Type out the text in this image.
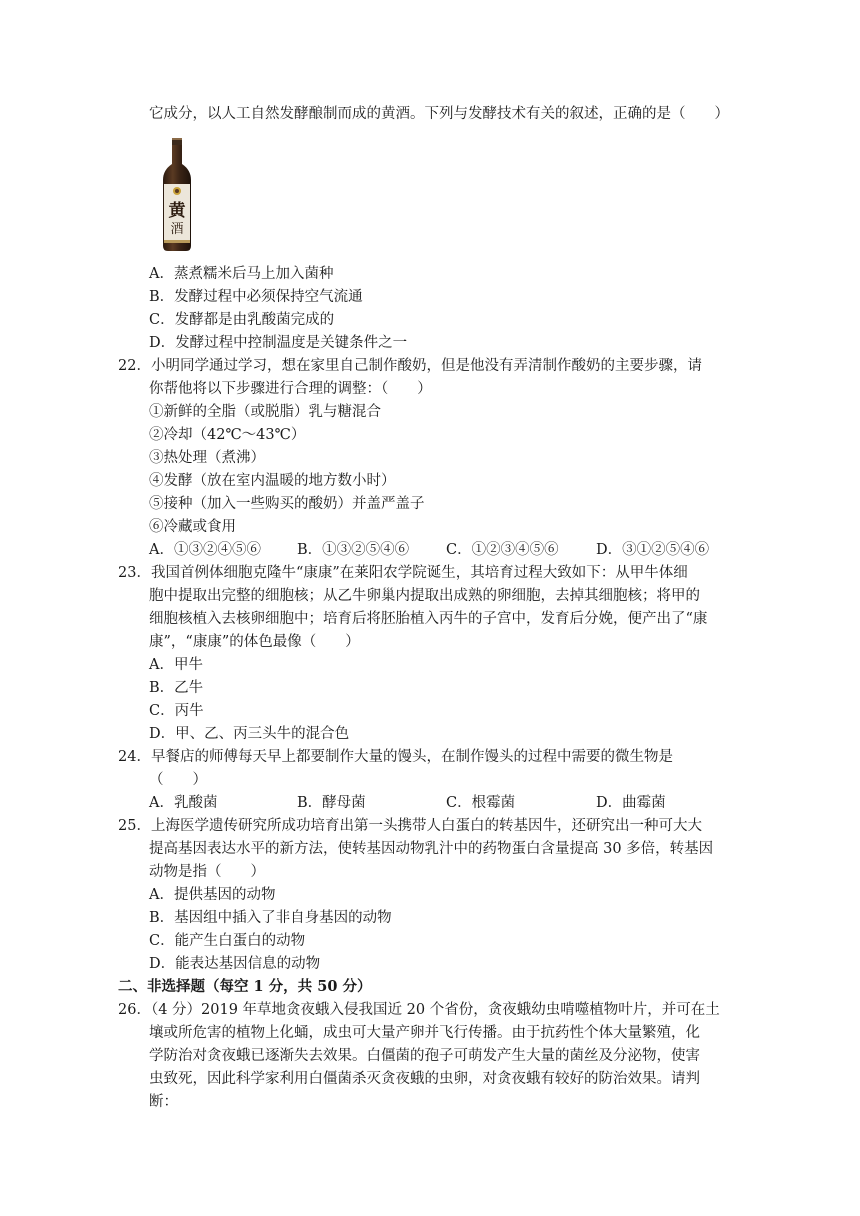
它成分，以人工自然发酵酿制而成的黄酒。下列与发酵技术有关的叙述，正确的是（　　）
黄
酒
A．蒸煮糯米后马上加入菌种
B．发酵过程中必须保持空气流通
C．发酵都是由乳酸菌完成的
D．发酵过程中控制温度是关键条件之一
22．小明同学通过学习，想在家里自己制作酸奶，但是他没有弄清制作酸奶的主要步骤，请
你帮他将以下步骤进行合理的调整：（　　）
①新鲜的全脂（或脱脂）乳与糖混合
②冷却（42℃～43℃）
③热处理（煮沸）
④发酵（放在室内温暖的地方数小时）
⑤接种（加入一些购买的酸奶）并盖严盖子
⑥冷藏或食用
A．①③②④⑤⑥ B．①③②⑤④⑥	C．①②③④⑤⑥	D．③①②⑤④⑥
23．我国首例体细胞克隆牛“康康”在莱阳农学院诞生，其培育过程大致如下：从甲牛体细
胞中提取出完整的细胞核；从乙牛卵巢内提取出成熟的卵细胞，去掉其细胞核；将甲的
细胞核植入去核卵细胞中；培育后将胚胎植入丙牛的子宫中，发育后分娩，便产出了“康
康”，“康康”的体色最像（　　）
A．甲牛
B．乙牛
C．丙牛
D．甲、乙、丙三头牛的混合色
24．早餐店的师傅每天早上都要制作大量的馒头，在制作馒头的过程中需要的微生物是
（　　）
A．乳酸菌	B．酵母菌	C．根霉菌	D．曲霉菌
25．上海医学遗传研究所成功培育出第一头携带人白蛋白的转基因牛，还研究出一种可大大
提高基因表达水平的新方法，使转基因动物乳汁中的药物蛋白含量提高 30 多倍，转基因
动物是指（　　）
A．提供基因的动物
B．基因组中插入了非自身基因的动物
C．能产生白蛋白的动物
D．能表达基因信息的动物
二、非选择题（每空 1 分，共 50 分）
26．（4 分）2019 年草地贪夜蛾入侵我国近 20 个省份，贪夜蛾幼虫啃噬植物叶片，并可在土
壤或所危害的植物上化蛹，成虫可大量产卵并飞行传播。由于抗药性个体大量繁殖，化
学防治对贪夜蛾已逐渐失去效果。白僵菌的孢子可萌发产生大量的菌丝及分泌物，使害
虫致死，因此科学家利用白僵菌杀灭贪夜蛾的虫卵，对贪夜蛾有较好的防治效果。请判
断：
